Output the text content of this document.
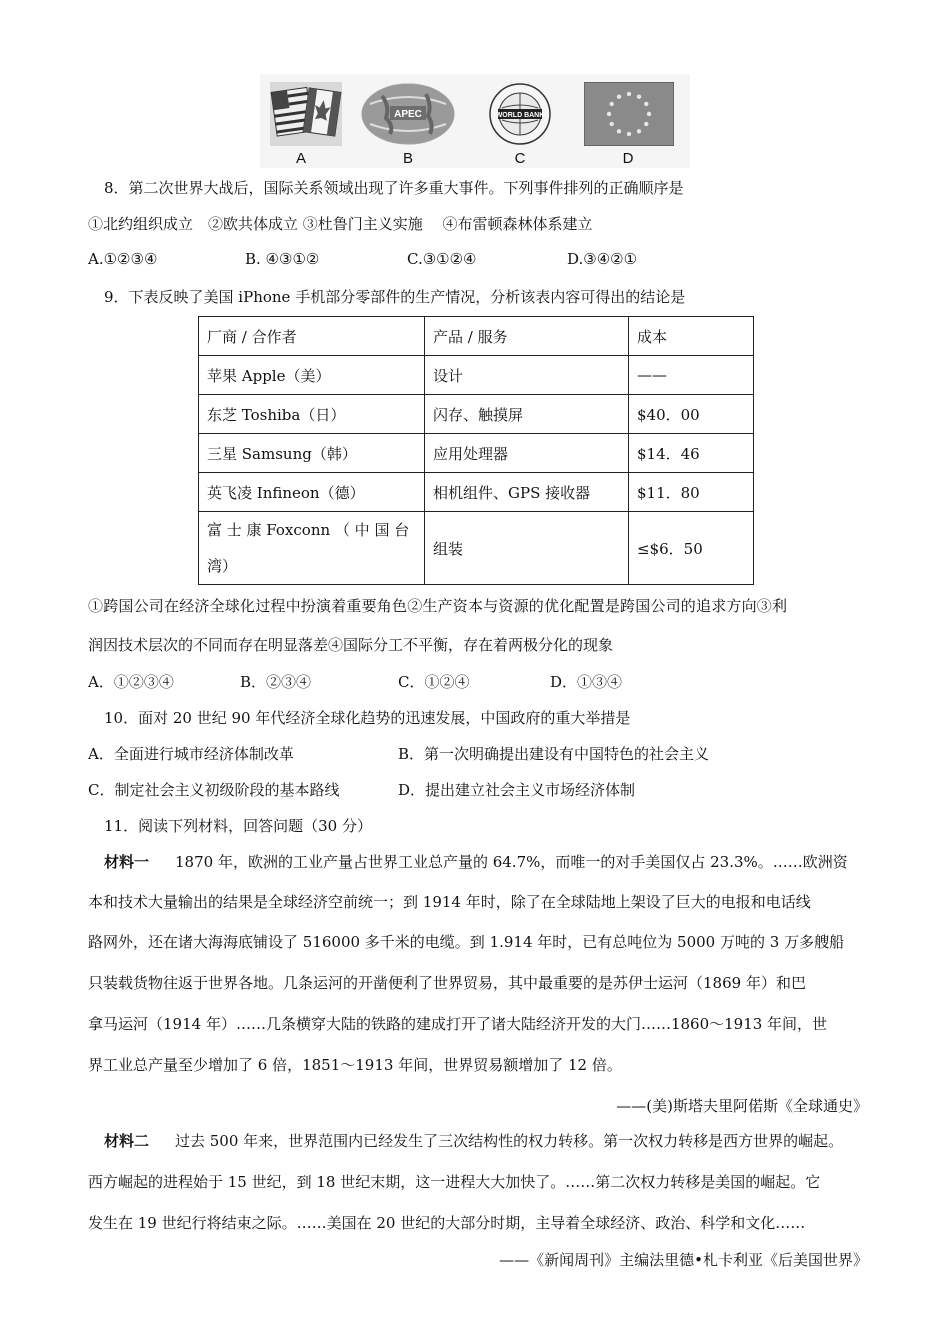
A
APEC
B
WORLD BANK
C	D
8．第二次世界大战后，国际关系领域出现了许多重大事件。下列事件排列的正确顺序是
①北约组织成立　②欧共体成立 ③杜鲁门主义实施　 ④布雷顿森林体系建立
A.①②③④	B. ④③①②	C.③①②④	D.③④②①
9．下表反映了美国 iPhone 手机部分零部件的生产情况，分析该表内容可得出的结论是
厂商 / 合作者	产品 / 服务	成本
苹果 Apple（美）	设计	——
东芝 Toshiba（日）	闪存、触摸屏	$40．00
三星 Samsung（韩）	应用处理器	$14．46
英飞凌 Infineon（德）	相机组件、GPS 接收器	$11．80
富 士 康 Foxconn （ 中 国 台 湾）	组装	≤$6．50
①跨国公司在经济全球化过程中扮演着重要角色②生产资本与资源的优化配置是跨国公司的追求方向③利
润因技术层次的不同而存在明显落差④国际分工不平衡，存在着两极分化的现象
A．①②③④	B．②③④	C．①②④	D．①③④
10．面对 20 世纪 90 年代经济全球化趋势的迅速发展，中国政府的重大举措是
A．全面进行城市经济体制改革	B．第一次明确提出建设有中国特色的社会主义
C．制定社会主义初级阶段的基本路线	D．提出建立社会主义市场经济体制
11．阅读下列材料，回答问题（30 分）
材料一 　1870 年，欧洲的工业产量占世界工业总产量的 64.7%，而唯一的对手美国仅占 23.3%。……欧洲资
本和技术大量输出的结果是全球经济空前统一；到 1914 年时，除了在全球陆地上架设了巨大的电报和电话线
路网外，还在诸大海海底铺设了 516000 多千米的电缆。到 1.914 年时，已有总吨位为 5000 万吨的 3 万多艘船
只装载货物往返于世界各地。几条运河的开凿便利了世界贸易，其中最重要的是苏伊士运河（1869 年）和巴
拿马运河（1914 年）……几条横穿大陆的铁路的建成打开了诸大陆经济开发的大门……1860～1913 年间，世
界工业总产量至少增加了 6 倍，1851～1913 年间，世界贸易额增加了 12 倍。
——(美)斯塔夫里阿偌斯《全球通史》
材料二 　过去 500 年来，世界范围内已经发生了三次结构性的权力转移。第一次权力转移是西方世界的崛起。
西方崛起的进程始于 15 世纪，到 18 世纪末期，这一进程大大加快了。……第二次权力转移是美国的崛起。它
发生在 19 世纪行将结束之际。……美国在 20 世纪的大部分时期，主导着全球经济、政治、科学和文化……
——《新闻周刊》主编法里德•札卡利亚《后美国世界》
